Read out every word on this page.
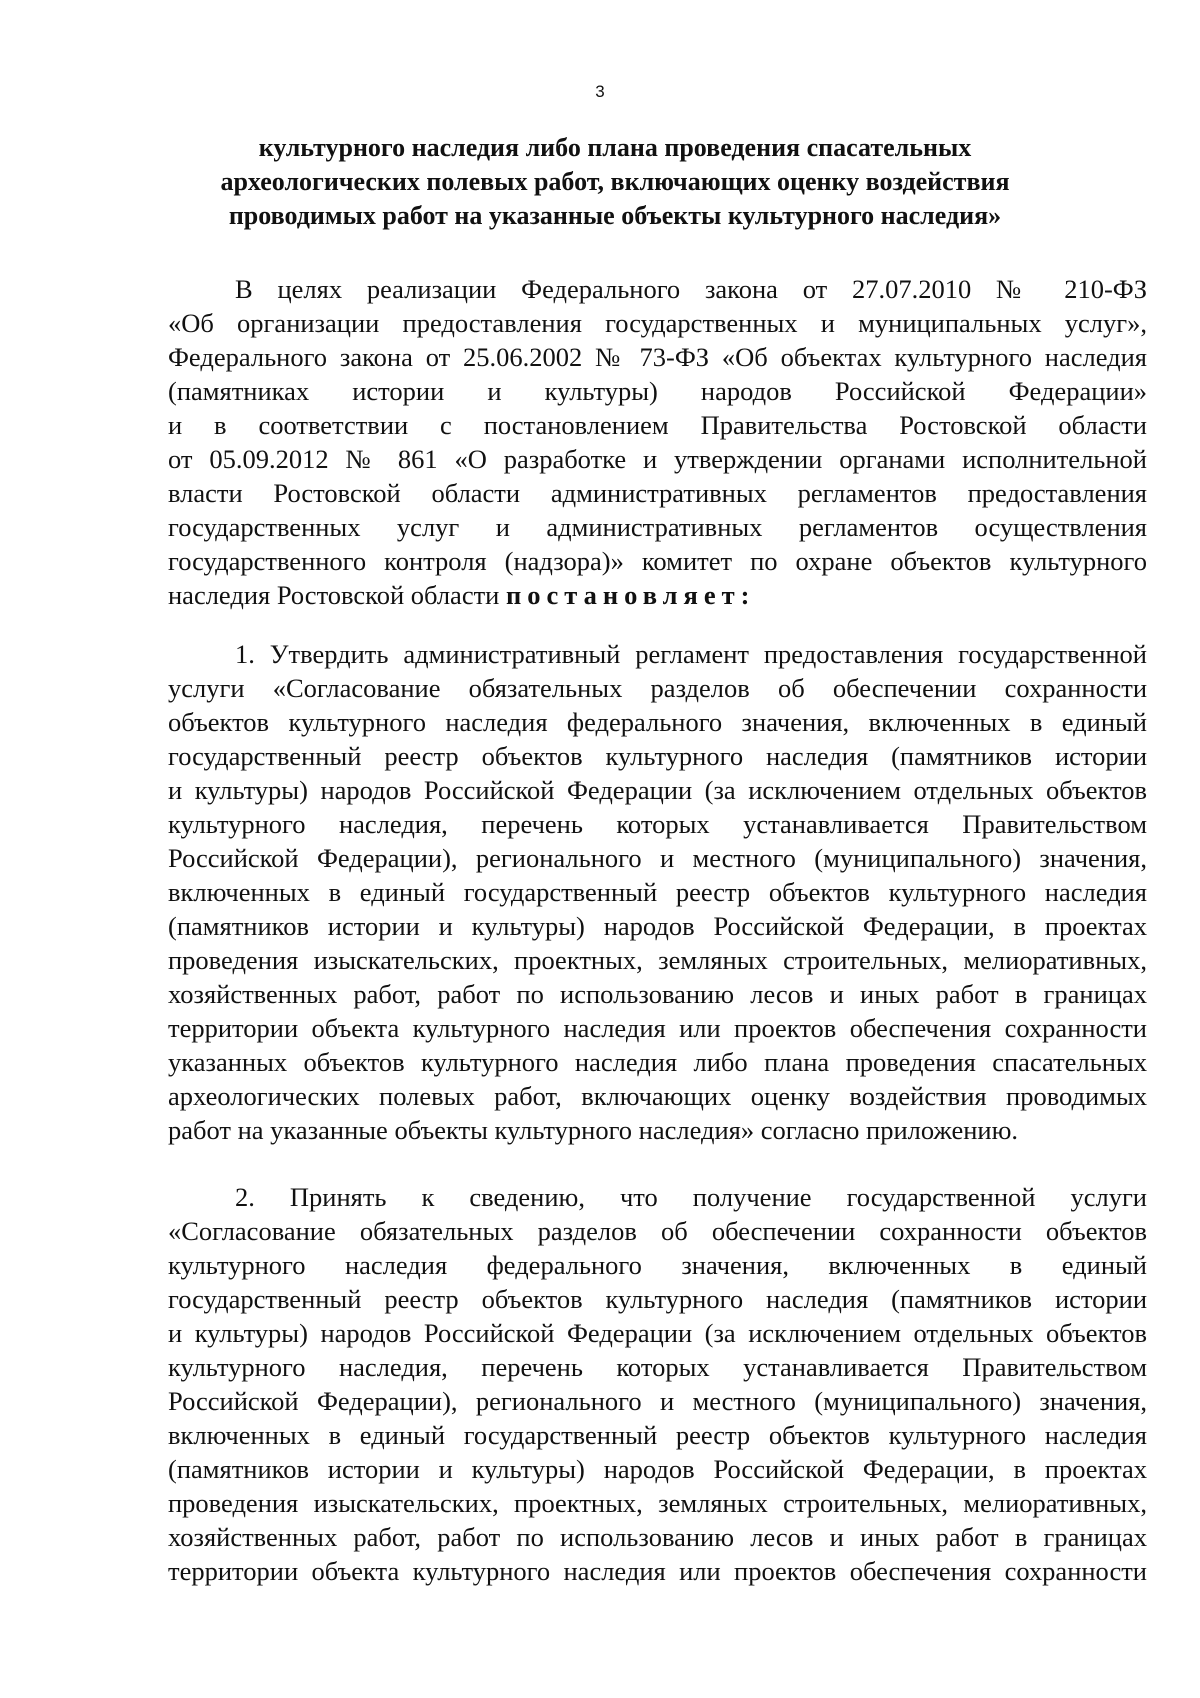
3
культурного наследия либо плана проведения спасательных
археологических полевых работ, включающих оценку воздействия
проводимых работ на указанные объекты культурного наследия»
В целях реализации Федерального закона от 27.07.2010 № 210-ФЗ
«Об организации предоставления государственных и муниципальных услуг»,
Федерального закона от 25.06.2002 № 73-ФЗ «Об объектах культурного наследия
(памятниках истории и культуры) народов Российской Федерации»
и в соответствии с постановлением Правительства Ростовской области
от 05.09.2012 № 861 «О разработке и утверждении органами исполнительной
власти Ростовской области административных регламентов предоставления
государственных услуг и административных регламентов осуществления
государственного контроля (надзора)» комитет по охране объектов культурного
наследия Ростовской области постановляет:
1. Утвердить административный регламент предоставления государственной
услуги «Согласование обязательных разделов об обеспечении сохранности
объектов культурного наследия федерального значения, включенных в единый
государственный реестр объектов культурного наследия (памятников истории
и культуры) народов Российской Федерации (за исключением отдельных объектов
культурного наследия, перечень которых устанавливается Правительством
Российской Федерации), регионального и местного (муниципального) значения,
включенных в единый государственный реестр объектов культурного наследия
(памятников истории и культуры) народов Российской Федерации, в проектах
проведения изыскательских, проектных, земляных строительных, мелиоративных,
хозяйственных работ, работ по использованию лесов и иных работ в границах
территории объекта культурного наследия или проектов обеспечения сохранности
указанных объектов культурного наследия либо плана проведения спасательных
археологических полевых работ, включающих оценку воздействия проводимых
работ на указанные объекты культурного наследия» согласно приложению.
2. Принять к сведению, что получение государственной услуги
«Согласование обязательных разделов об обеспечении сохранности объектов
культурного наследия федерального значения, включенных в единый
государственный реестр объектов культурного наследия (памятников истории
и культуры) народов Российской Федерации (за исключением отдельных объектов
культурного наследия, перечень которых устанавливается Правительством
Российской Федерации), регионального и местного (муниципального) значения,
включенных в единый государственный реестр объектов культурного наследия
(памятников истории и культуры) народов Российской Федерации, в проектах
проведения изыскательских, проектных, земляных строительных, мелиоративных,
хозяйственных работ, работ по использованию лесов и иных работ в границах
территории объекта культурного наследия или проектов обеспечения сохранности
